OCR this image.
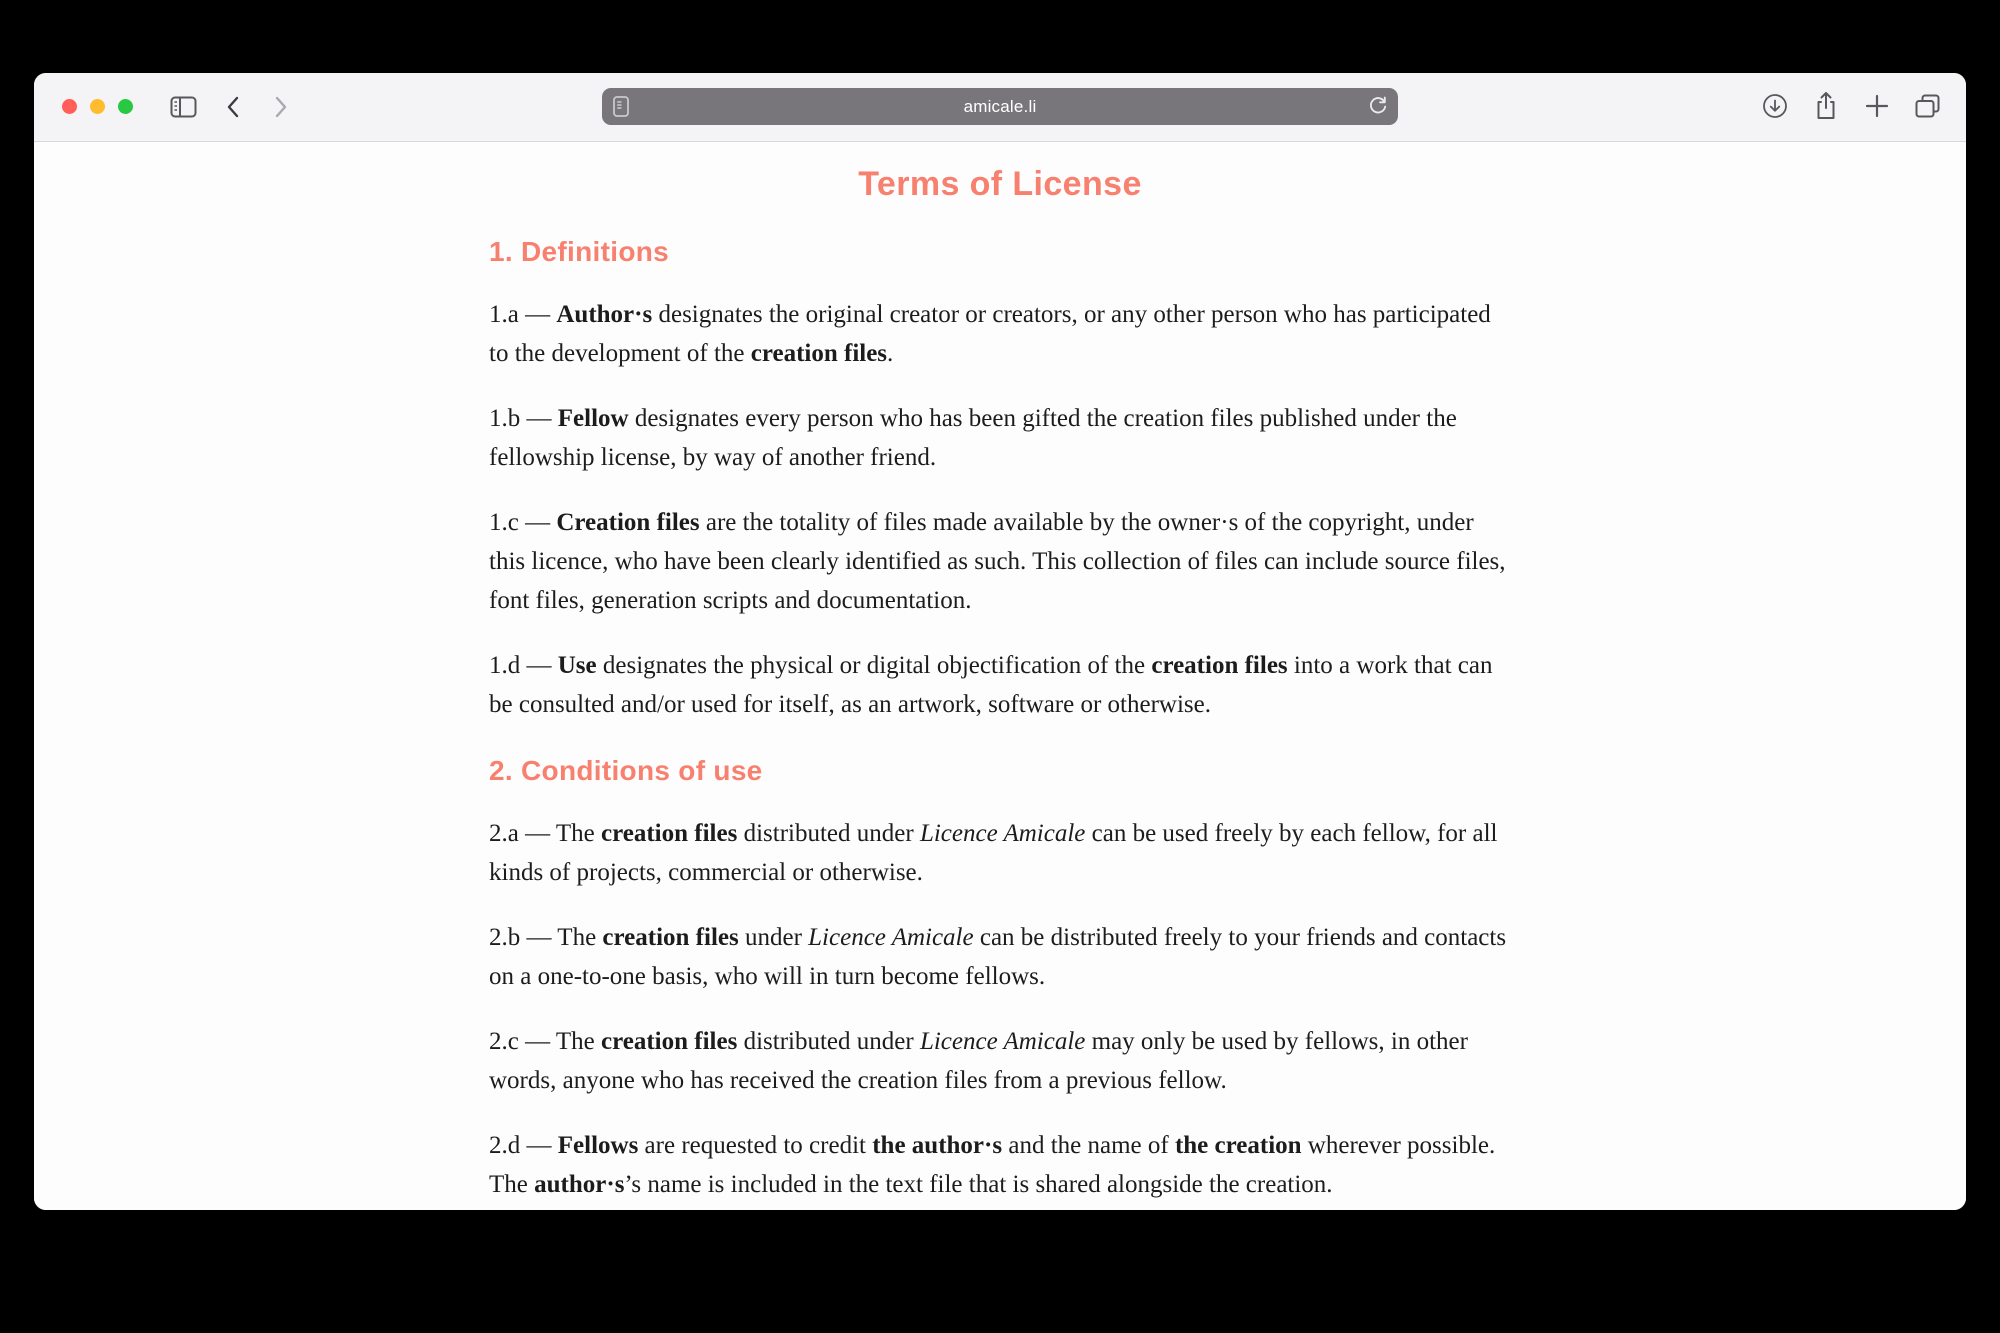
amicale.li
Terms of License
1. Definitions

1.a — Author·s designates the original creator or creators, or any other person who has participated to the development of the creation files.

1.b — Fellow designates every person who has been gifted the creation files published under the fellowship license, by way of another friend.

1.c — Creation files are the totality of files made available by the owner·s of the copyright, under this licence, who have been clearly identified as such. This collection of files can include source files, font files, generation scripts and documentation.

1.d — Use designates the physical or digital objectification of the creation files into a work that can be consulted and/or used for itself, as an artwork, software or otherwise.

2. Conditions of use

2.a — The creation files distributed under Licence Amicale can be used freely by each fellow, for all kinds of projects, commercial or otherwise.

2.b — The creation files under Licence Amicale can be distributed freely to your friends and contacts on a one-to-one basis, who will in turn become fellows.

2.c — The creation files distributed under Licence Amicale may only be used by fellows, in other words, anyone who has received the creation files from a previous fellow.

2.d — Fellows are requested to credit the author·s and the name of the creation wherever possible. The author·s’s name is included in the text file that is shared alongside the creation.
